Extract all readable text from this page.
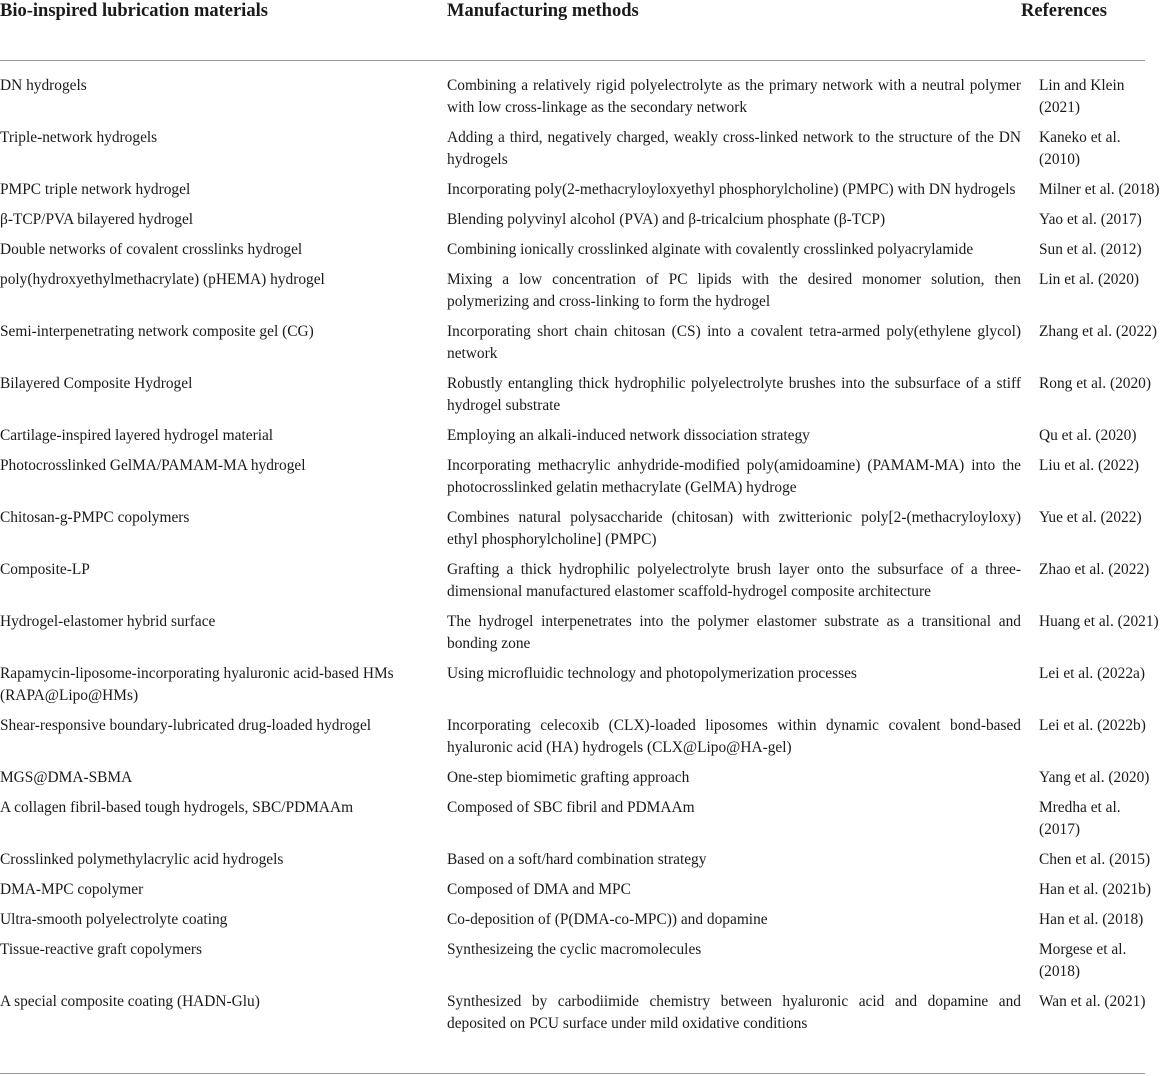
Bio-inspired lubrication materials	Manufacturing methods	References
DN hydrogels	Combining a relatively rigid polyelectrolyte as the primary network with a neutral polymer with low cross-linkage as the secondary network	Lin and Klein (2021)
Triple-network hydrogels	Adding a third, negatively charged, weakly cross-linked network to the structure of the DN hydrogels	Kaneko et al. (2010)
PMPC triple network hydrogel	Incorporating poly(2-methacryloyloxyethyl phosphorylcholine) (PMPC) with DN hydrogels	Milner et al. (2018)
β-TCP/PVA bilayered hydrogel	Blending polyvinyl alcohol (PVA) and β-tricalcium phosphate (β-TCP)	Yao et al. (2017)
Double networks of covalent crosslinks hydrogel	Combining ionically crosslinked alginate with covalently crosslinked polyacrylamide	Sun et al. (2012)
poly(hydroxyethylmethacrylate) (pHEMA) hydrogel	Mixing a low concentration of PC lipids with the desired monomer solution, then polymerizing and cross-linking to form the hydrogel	Lin et al. (2020)
Semi-interpenetrating network composite gel (CG)	Incorporating short chain chitosan (CS) into a covalent tetra-armed poly(ethylene glycol) network	Zhang et al. (2022)
Bilayered Composite Hydrogel	Robustly entangling thick hydrophilic polyelectrolyte brushes into the subsurface of a stiff hydrogel substrate	Rong et al. (2020)
Cartilage-inspired layered hydrogel material	Employing an alkali-induced network dissociation strategy	Qu et al. (2020)
Photocrosslinked GelMA/PAMAM-MA hydrogel	Incorporating methacrylic anhydride-modified poly(amidoamine) (PAMAM-MA) into the photocrosslinked gelatin methacrylate (GelMA) hydroge	Liu et al. (2022)
Chitosan-g-PMPC copolymers	Combines natural polysaccharide (chitosan) with zwitterionic poly[2-(methacryloyloxy) ethyl phosphorylcholine] (PMPC)	Yue et al. (2022)
Composite-LP	Grafting a thick hydrophilic polyelectrolyte brush layer onto the subsurface of a three-dimensional manufactured elastomer scaffold-hydrogel composite architecture	Zhao et al. (2022)
Hydrogel-elastomer hybrid surface	The hydrogel interpenetrates into the polymer elastomer substrate as a transitional and bonding zone	Huang et al. (2021)
Rapamycin-liposome-incorporating hyaluronic acid-based HMs (RAPA@Lipo@HMs)	Using microfluidic technology and photopolymerization processes	Lei et al. (2022a)
Shear-responsive boundary-lubricated drug-loaded hydrogel	Incorporating celecoxib (CLX)-loaded liposomes within dynamic covalent bond-based hyaluronic acid (HA) hydrogels (CLX@Lipo@HA-gel)	Lei et al. (2022b)
MGS@DMA-SBMA	One-step biomimetic grafting approach	Yang et al. (2020)
A collagen fibril-based tough hydrogels, SBC/PDMAAm	Composed of SBC fibril and PDMAAm	Mredha et al. (2017)
Crosslinked polymethylacrylic acid hydrogels	Based on a soft/hard combination strategy	Chen et al. (2015)
DMA-MPC copolymer	Composed of DMA and MPC	Han et al. (2021b)
Ultra-smooth polyelectrolyte coating	Co-deposition of (P(DMA-co-MPC)) and dopamine	Han et al. (2018)
Tissue-reactive graft copolymers	Synthesizeing the cyclic macromolecules	Morgese et al. (2018)
A special composite coating (HADN-Glu)	Synthesized by carbodiimide chemistry between hyaluronic acid and dopamine and deposited on PCU surface under mild oxidative conditions	Wan et al. (2021)
